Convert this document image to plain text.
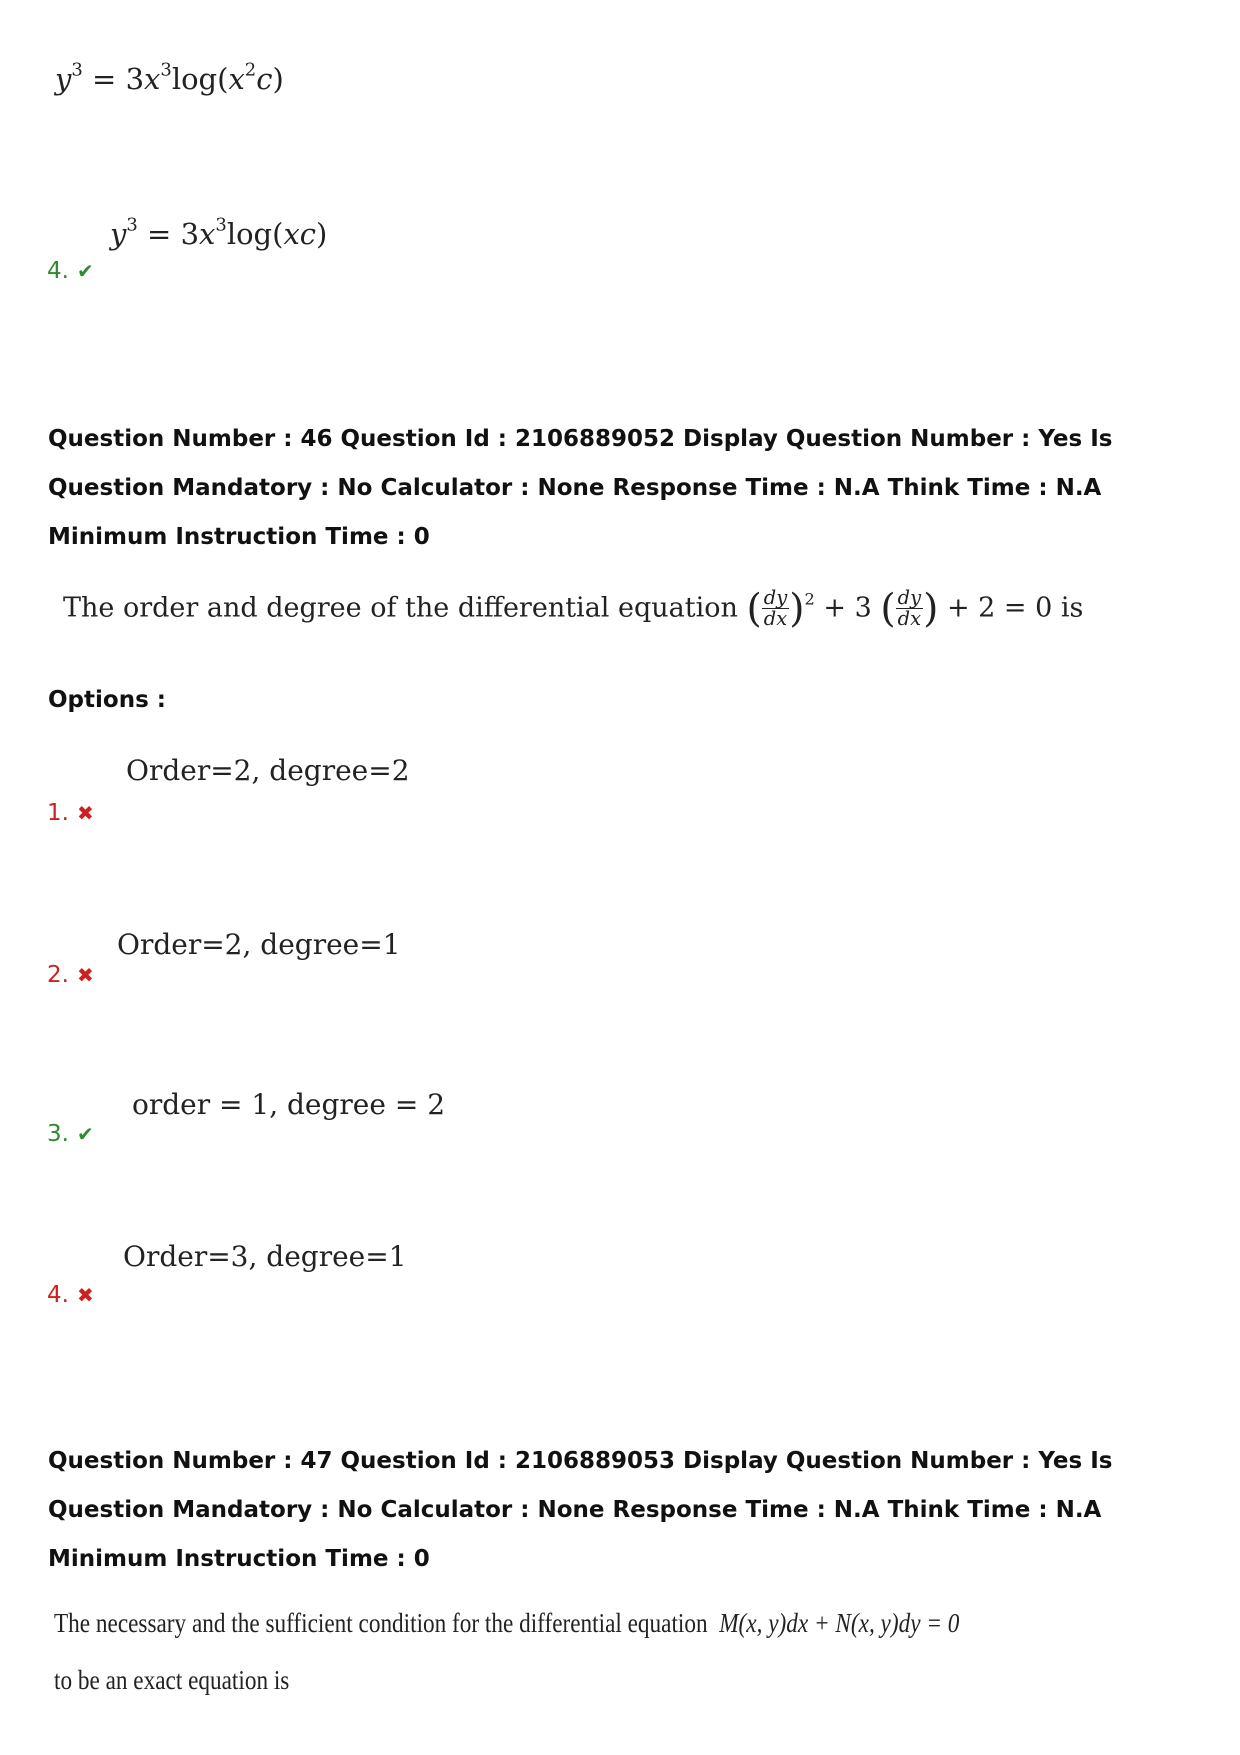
$y^3 = 3x^3\log(x^2c)$
$y^3 = 3x^3\log(xc)$
4. ✔
Question Number : 46 Question Id : 2106889052 Display Question Number : Yes Is Question Mandatory : No Calculator : None Response Time : N.A Think Time : N.A Minimum Instruction Time : 0
The order and degree of the differential equation ( $\frac{dy}{dx} )^2 + 3$ ( $\frac{dy}{dx}$ ) + 2 = 0 is
Options :
Order=2, degree=2
1. ✖
Order=2, degree=1
2. ✖
order = 1, degree = 2
3. ✔
Order=3, degree=1
4. ✖
Question Number : 47 Question Id : 2106889053 Display Question Number : Yes Is Question Mandatory : No Calculator : None Response Time : N.A Think Time : N.A Minimum Instruction Time : 0
The necessary and the sufficient condition for the differential equation M(x, y)dx + N(x, y)dy = 0
to be an exact equation is
